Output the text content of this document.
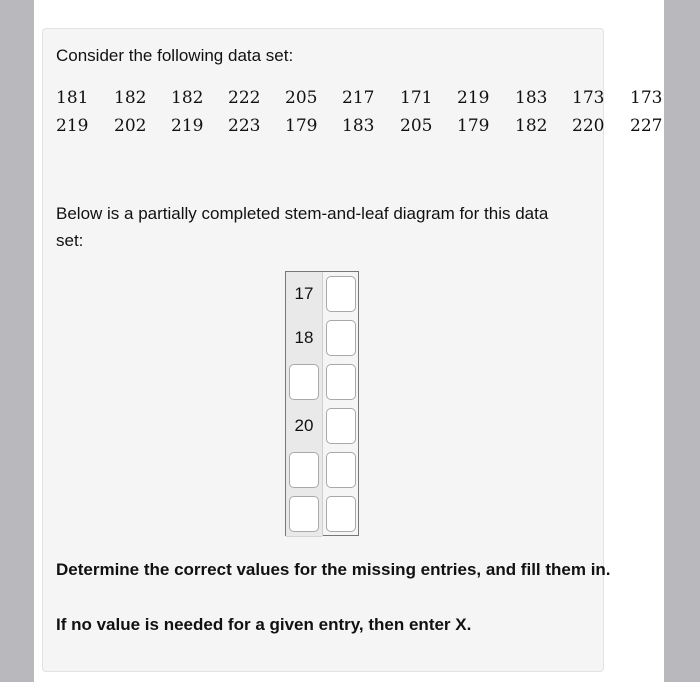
Consider the following data set:

181 182 182 222 205 217 171 219 183 173 173
219 202 219 223 179 183 205 179 182 220 227

Below is a partially completed stem-and-leaf diagram for this data set:

17
18
20

Determine the correct values for the missing entries, and fill them in.

If no value is needed for a given entry, then enter X.
